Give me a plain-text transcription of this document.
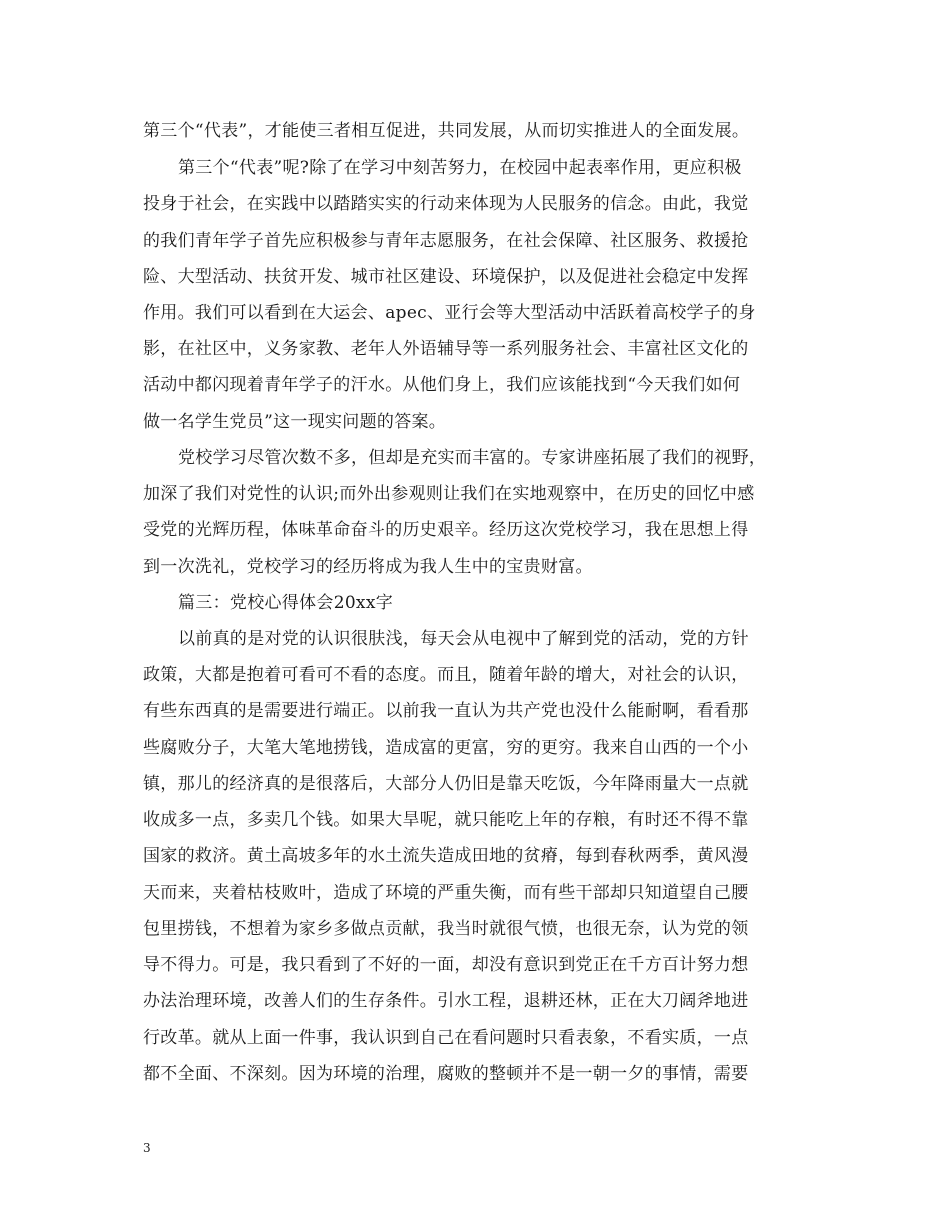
第三个“代表”，才能使三者相互促进，共同发展，从而切实推进人的全面发展。
第三个“代表”呢?除了在学习中刻苦努力，在校园中起表率作用，更应积极
投身于社会，在实践中以踏踏实实的行动来体现为人民服务的信念。由此，我觉
的我们青年学子首先应积极参与青年志愿服务，在社会保障、社区服务、救援抢
险、大型活动、扶贫开发、城市社区建设、环境保护，以及促进社会稳定中发挥
作用。我们可以看到在大运会、apec、亚行会等大型活动中活跃着高校学子的身
影，在社区中，义务家教、老年人外语辅导等一系列服务社会、丰富社区文化的
活动中都闪现着青年学子的汗水。从他们身上，我们应该能找到“今天我们如何
做一名学生党员”这一现实问题的答案。
党校学习尽管次数不多，但却是充实而丰富的。专家讲座拓展了我们的视野，
加深了我们对党性的认识;而外出参观则让我们在实地观察中，在历史的回忆中感
受党的光辉历程，体味革命奋斗的历史艰辛。经历这次党校学习，我在思想上得
到一次洗礼，党校学习的经历将成为我人生中的宝贵财富。
篇三：党校心得体会20xx字
以前真的是对党的认识很肤浅，每天会从电视中了解到党的活动，党的方针
政策，大都是抱着可看可不看的态度。而且，随着年龄的增大，对社会的认识，
有些东西真的是需要进行端正。以前我一直认为共产党也没什么能耐啊，看看那
些腐败分子，大笔大笔地捞钱，造成富的更富，穷的更穷。我来自山西的一个小
镇，那儿的经济真的是很落后，大部分人仍旧是靠天吃饭，今年降雨量大一点就
收成多一点，多卖几个钱。如果大旱呢，就只能吃上年的存粮，有时还不得不靠
国家的救济。黄土高坡多年的水土流失造成田地的贫瘠，每到春秋两季，黄风漫
天而来，夹着枯枝败叶，造成了环境的严重失衡，而有些干部却只知道望自己腰
包里捞钱，不想着为家乡多做点贡献，我当时就很气愤，也很无奈，认为党的领
导不得力。可是，我只看到了不好的一面，却没有意识到党正在千方百计努力想
办法治理环境，改善人们的生存条件。引水工程，退耕还林，正在大刀阔斧地进
行改革。就从上面一件事，我认识到自己在看问题时只看表象，不看实质，一点
都不全面、不深刻。因为环境的治理，腐败的整顿并不是一朝一夕的事情，需要
3
